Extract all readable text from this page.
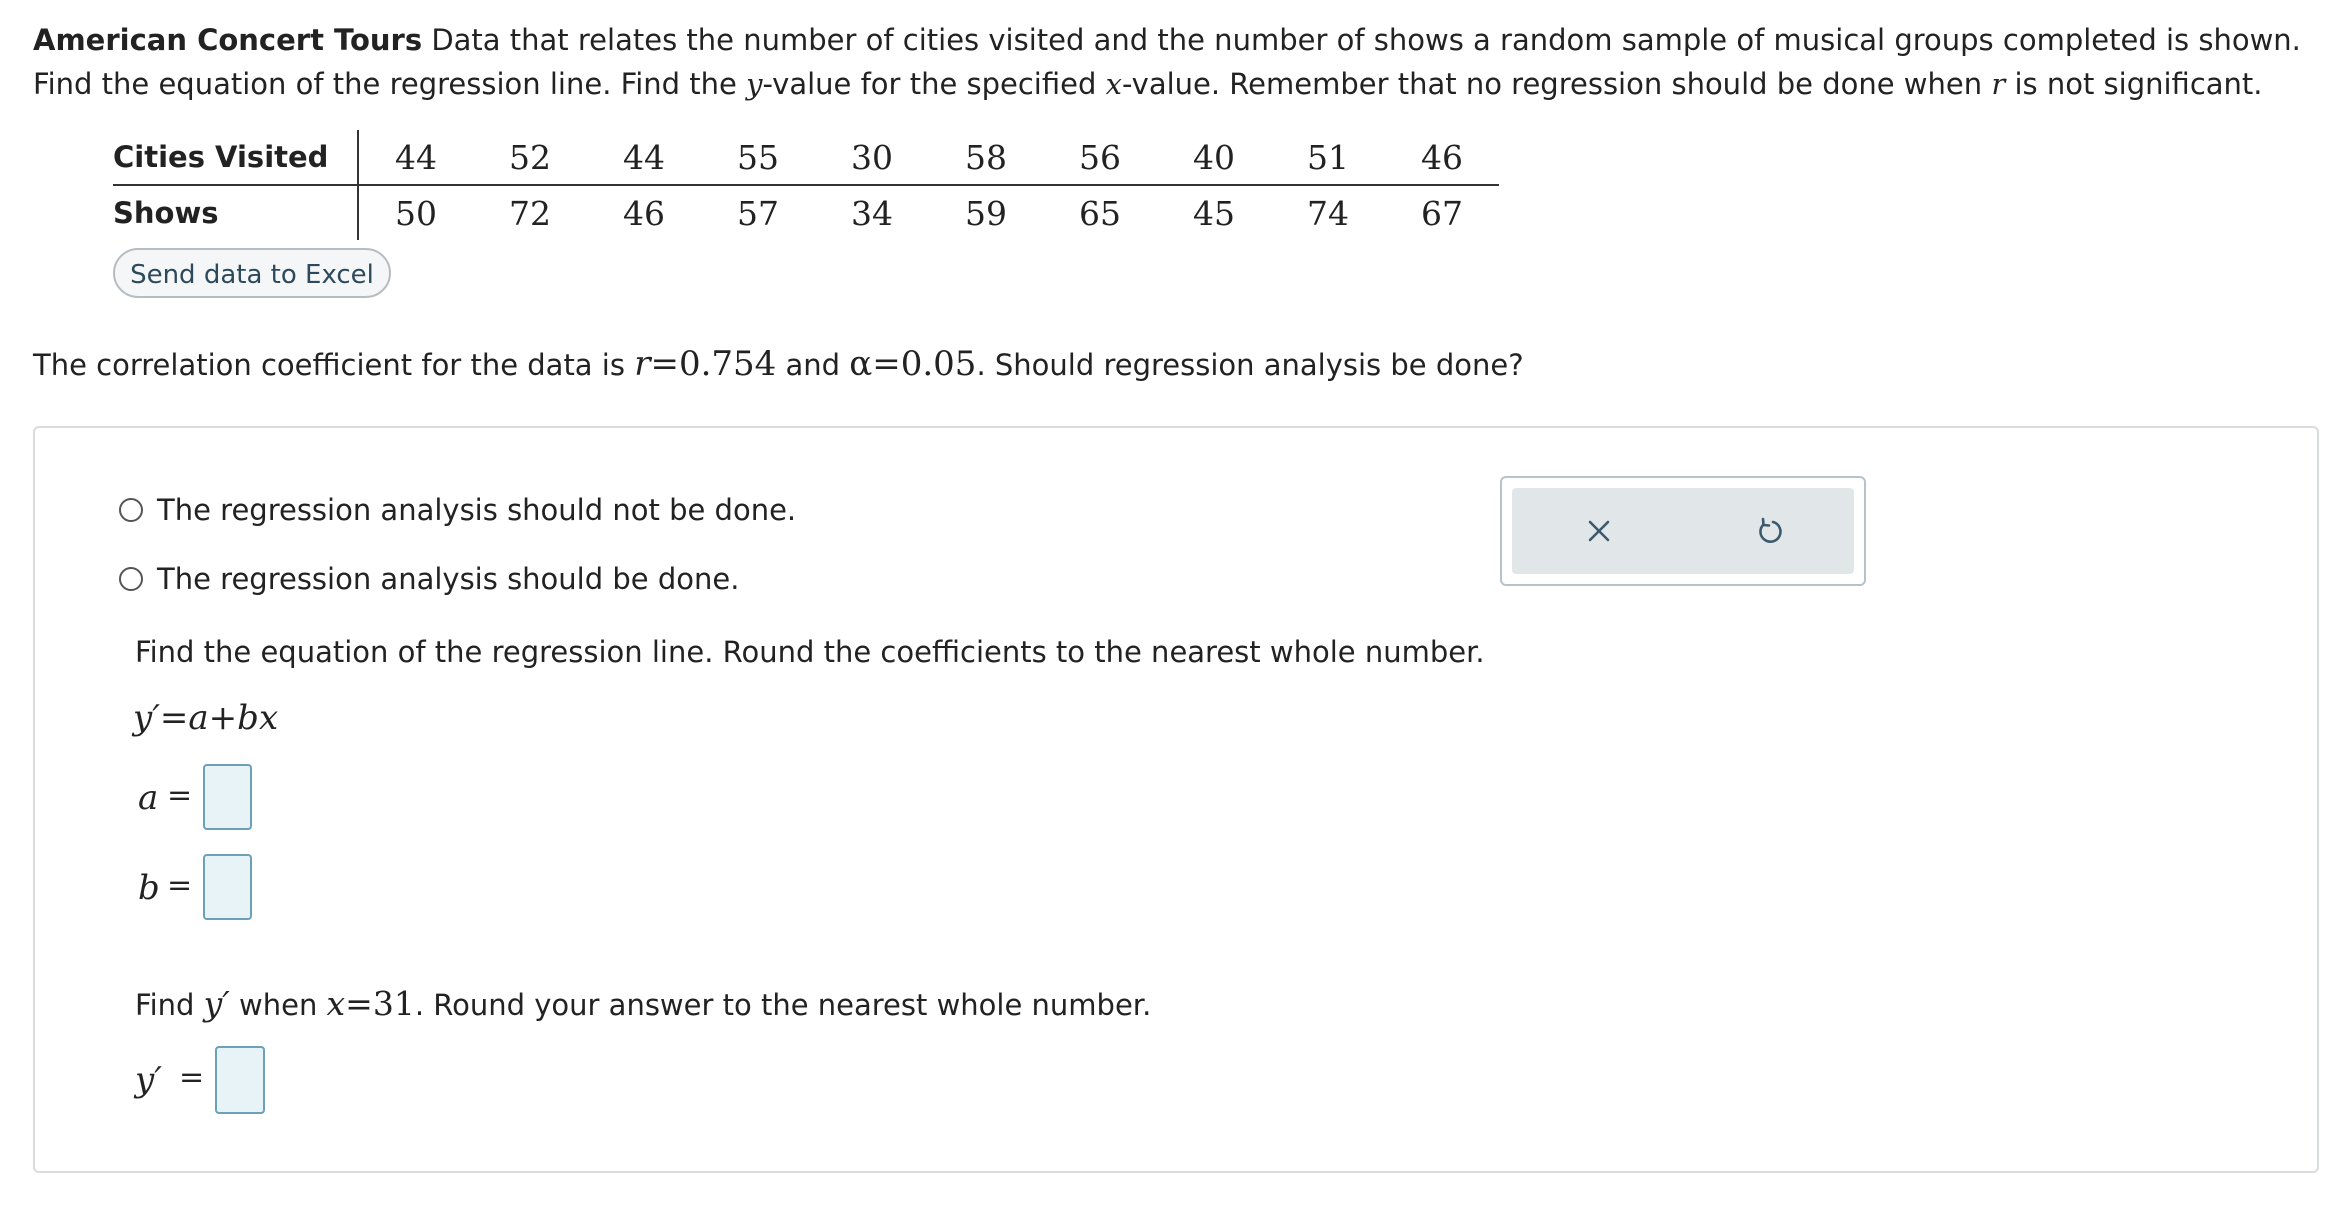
American Concert Tours Data that relates the number of cities visited and the number of shows a random sample of musical groups completed is shown. Find the equation of the regression line. Find the y-value for the specified x-value. Remember that no regression should be done when r is not significant.
Cities Visited	44	52	44	55	30	58	56	40	51	46
Shows	50	72	46	57	34	59	65	45	74	67
Send data to Excel
The correlation coefficient for the data is r=0.754 and α=0.05. Should regression analysis be done?
The regression analysis should not be done.
The regression analysis should be done.
Find the equation of the regression line. Round the coefficients to the nearest whole number.
y′=a+bx
a =
b =
Find y′ when x=31. Round your answer to the nearest whole number.
y′ =
